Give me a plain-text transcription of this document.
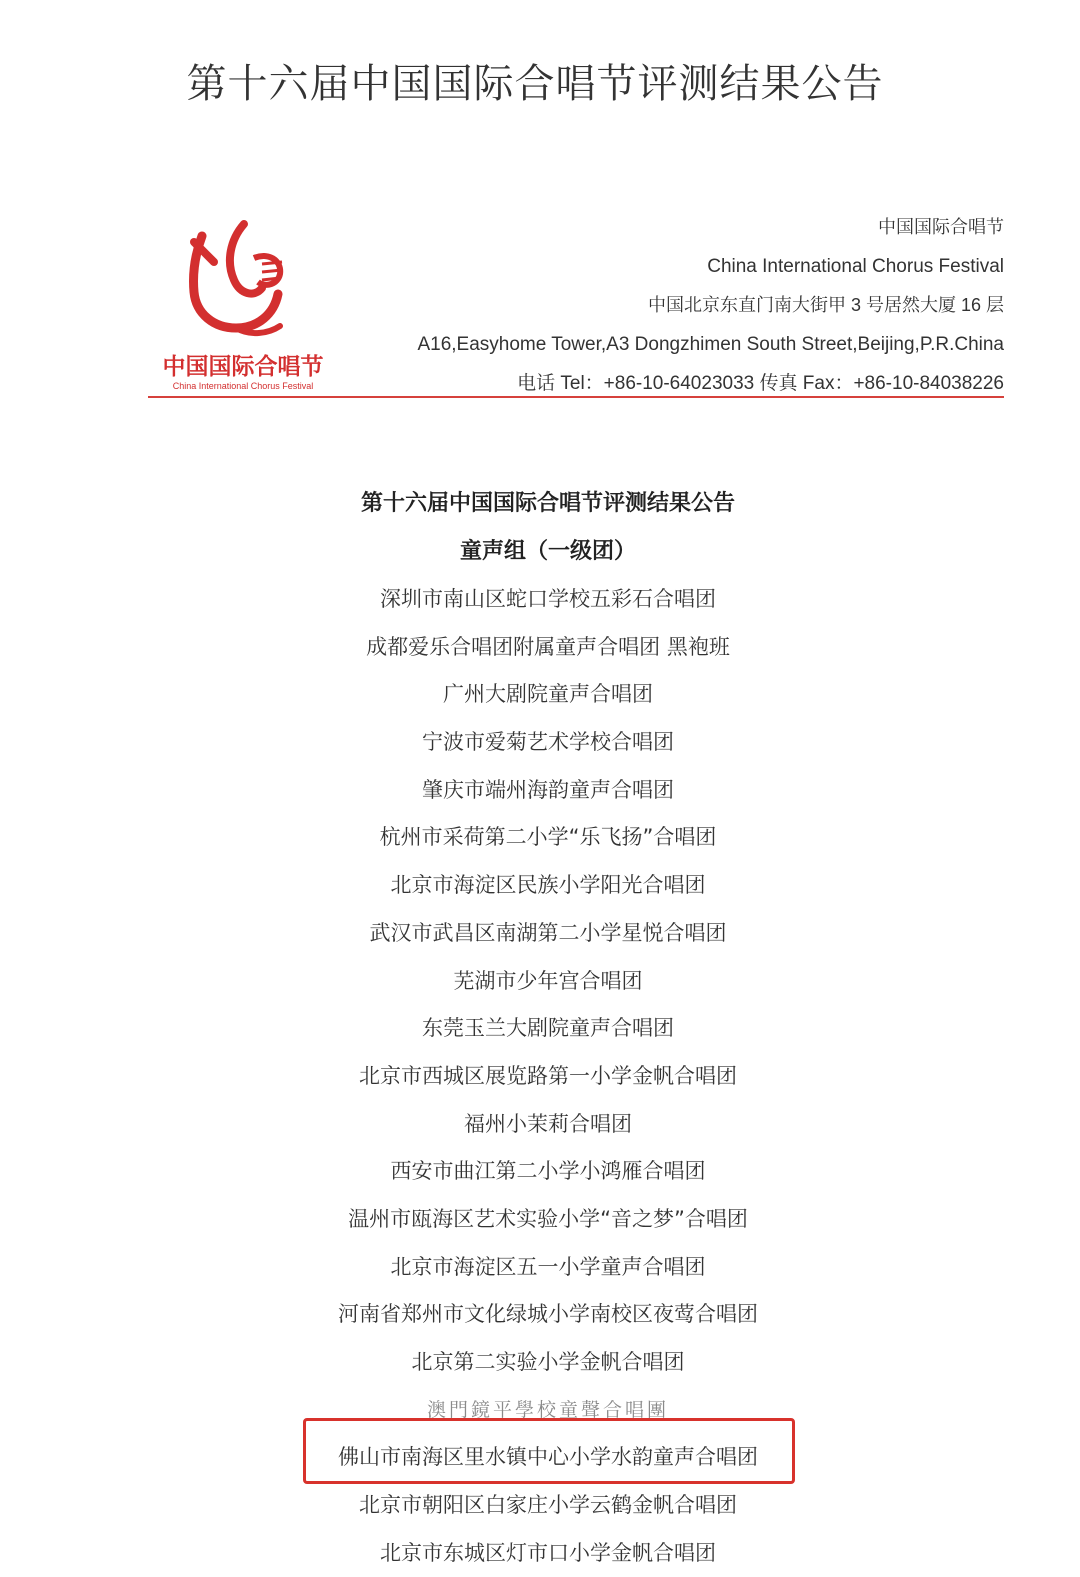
第十六届中国国际合唱节评测结果公告
中国国际合唱节
China International Chorus Festival
中国国际合唱节
China International Chorus Festival
中国北京东直门南大街甲 3 号居然大厦 16 层
A16,Easyhome Tower,A3 Dongzhimen South Street,Beijing,P.R.China
电话 Tel：+86-10-64023033 传真 Fax：+86-10-84038226
第十六届中国国际合唱节评测结果公告
童声组（一级团）
深圳市南山区蛇口学校五彩石合唱团
成都爱乐合唱团附属童声合唱团 黑袍班
广州大剧院童声合唱团
宁波市爱菊艺术学校合唱团
肇庆市端州海韵童声合唱团
杭州市采荷第二小学“乐飞扬”合唱团
北京市海淀区民族小学阳光合唱团
武汉市武昌区南湖第二小学星悦合唱团
芜湖市少年宫合唱团
东莞玉兰大剧院童声合唱团
北京市西城区展览路第一小学金帆合唱团
福州小茉莉合唱团
西安市曲江第二小学小鸿雁合唱团
温州市瓯海区艺术实验小学“音之梦”合唱团
北京市海淀区五一小学童声合唱团
河南省郑州市文化绿城小学南校区夜莺合唱团
北京第二实验小学金帆合唱团
澳門鏡平學校童聲合唱團
佛山市南海区里水镇中心小学水韵童声合唱团
北京市朝阳区白家庄小学云鹤金帆合唱团
北京市东城区灯市口小学金帆合唱团
